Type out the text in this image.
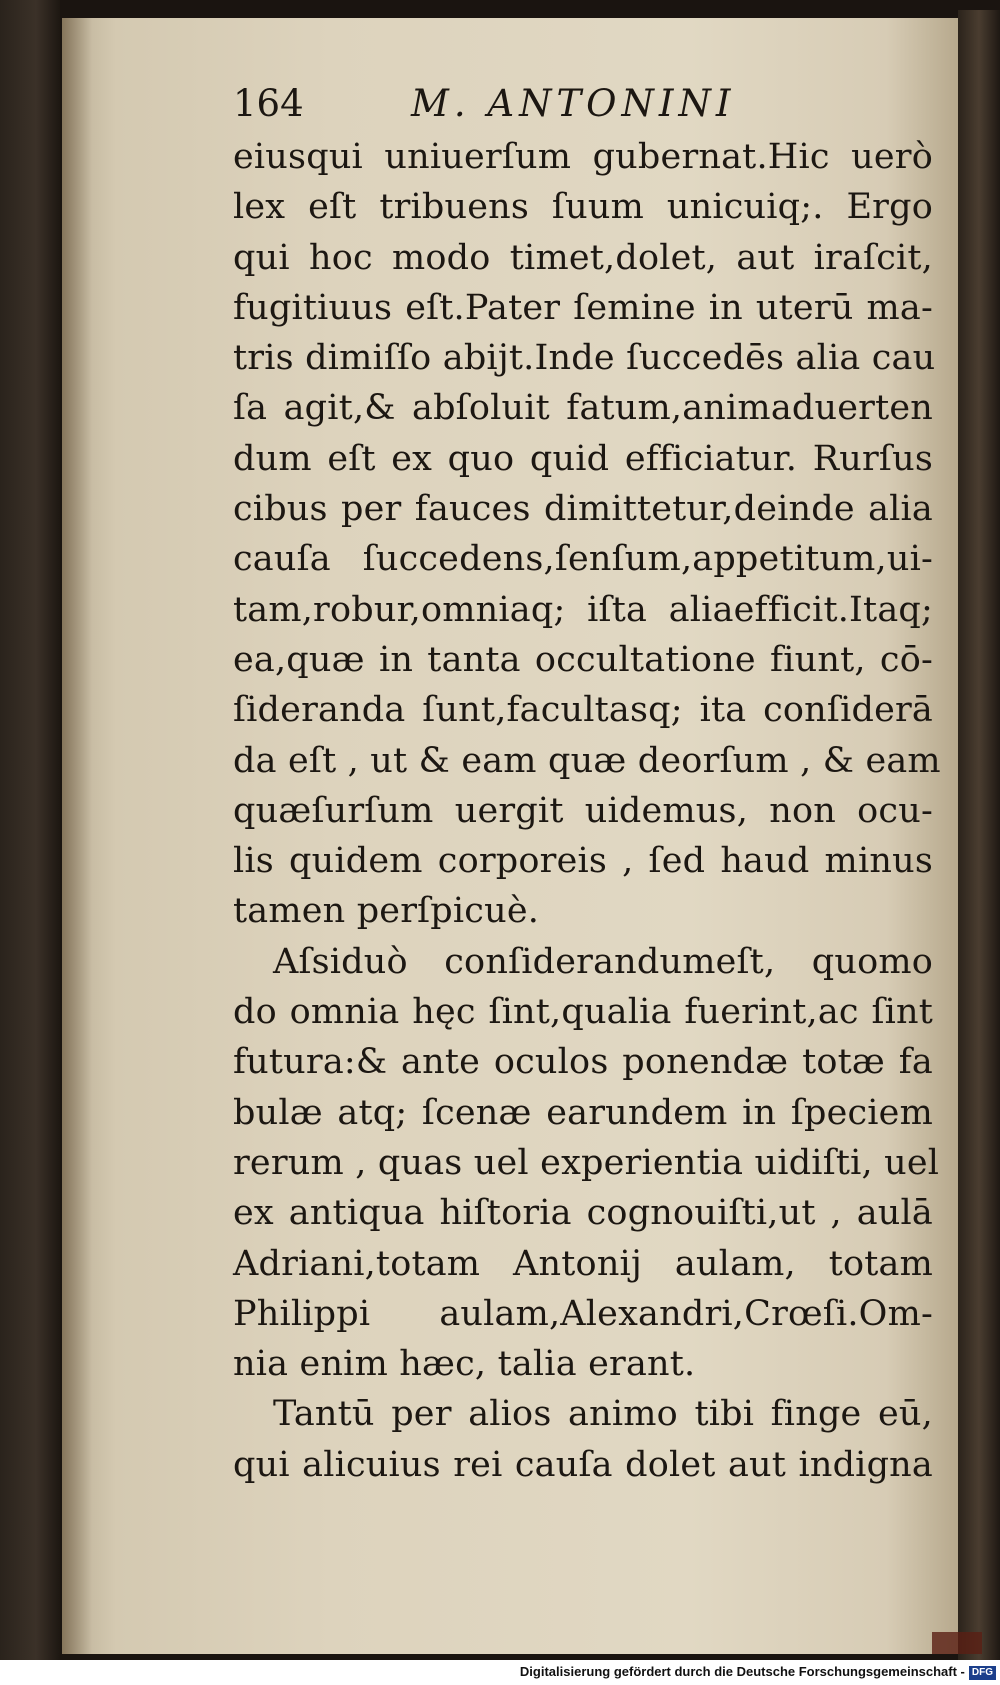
164	M. ANTONINI
eiusqui uniuerſum gubernat.Hic uerò
lex eſt tribuens ſuum unicuiq;. Ergo
qui hoc modo timet,dolet, aut iraſcit,
fugitiuus eſt.Pater ſemine in uterū ma-
tris dimiſſo abijt.Inde ſuccedēs alia cau
ſa agit,& abſoluit fatum,animaduerten
dum eſt ex quo quid efficiatur. Rurſus
cibus per fauces dimittetur,deinde alia
cauſa ſuccedens,ſenſum,appetitum,ui-
tam,robur,omniaq; iſta aliaefficit.Itaq;
ea,quæ in tanta occultatione fiunt, cō-
ſideranda ſunt,facultasq; ita conſiderā
da eſt , ut & eam quæ deorſum , & eam
quæſurſum uergit uidemus, non ocu-
lis quidem corporeis , ſed haud minus
tamen perſpicuè.
Aſsiduò conſiderandumeſt, quomo
do omnia hęc ſint,qualia fuerint,ac ſint
futura:& ante oculos ponendæ totæ fa
bulæ atq; ſcenæ earundem in ſpeciem
rerum , quas uel experientia uidiſti, uel
ex antiqua hiſtoria cognouiſti,ut , aulā
Adriani,totam Antonij aulam, totam
Philippi aulam,Alexandri,Crœſi.Om-
nia enim hæc, talia erant.
Tantū per alios animo tibi finge eū,
qui alicuius rei cauſa dolet aut indigna
Digitalisierung gefördert durch die Deutsche Forschungsgemeinschaft - DFG
